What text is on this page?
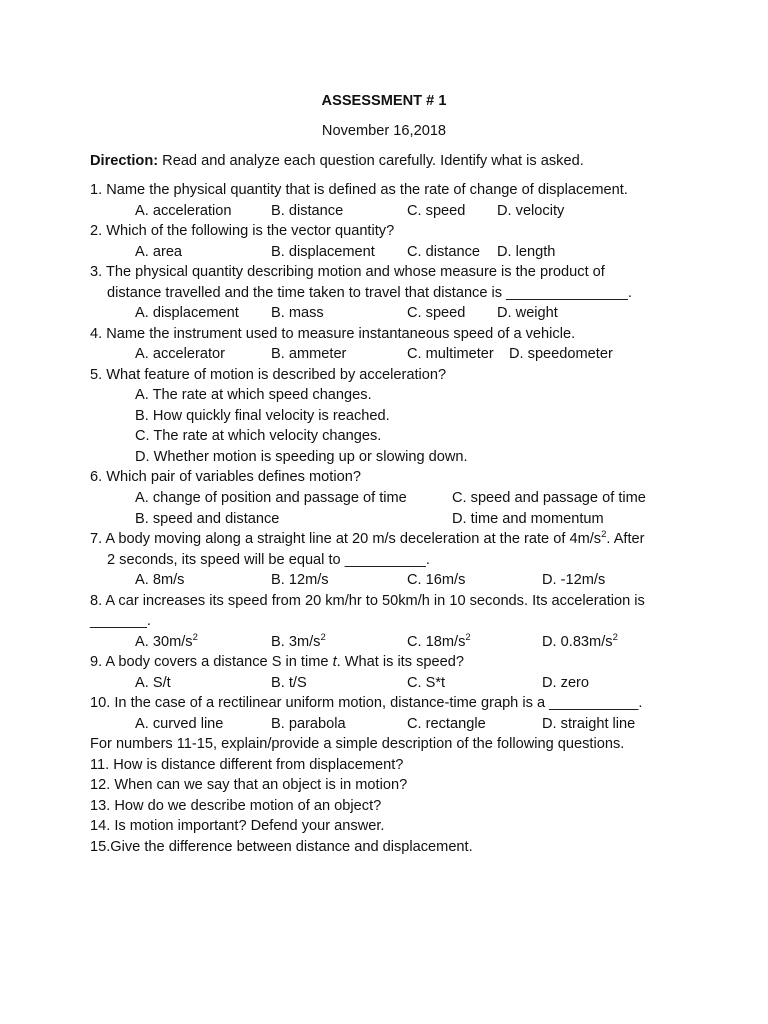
ASSESSMENT # 1
November 16,2018
Direction: Read and analyze each question carefully. Identify what is asked.
1. Name the physical quantity that is defined as the rate of change of displacement.
A. acceleration	B. distance	C. speed D. velocity
2. Which of the following is the vector quantity?
A. area	B. displacement C. distance D. length
3. The physical quantity describing motion and whose measure is the product of
distance travelled and the time taken to travel that distance is _______________.
A. displacement B. mass	C. speed D. weight
4. Name the instrument used to measure instantaneous speed of a vehicle.
A. accelerator	B. ammeter	C. multimeter D. speedometer
5. What feature of motion is described by acceleration?
A. The rate at which speed changes.
B. How quickly final velocity is reached.
C. The rate at which velocity changes.
D. Whether motion is speeding up or slowing down.
6. Which pair of variables defines motion?
A. change of position and passage of time	C. speed and passage of time
B. speed and distance	D. time and momentum
7. A body moving along a straight line at 20 m/s deceleration at the rate of $4m/s^2$. After
2 seconds, its speed will be equal to __________.
A. 8m/s	B. 12m/s	C. 16m/s	D. -12m/s
8. A car increases its speed from 20 km/hr to 50km/h in 10 seconds. Its acceleration is
_______.
A. $30m/s^2$	B. $3m/s^2$	C. $18m/s^2$	D. $0.83m/s^2$
9. A body covers a distance S in time t. What is its speed?
A. S/t	B. t/S	C. S*t	D. zero
10. In the case of a rectilinear uniform motion, distance-time graph is a ___________.
A. curved line	B. parabola	C. rectangle	D. straight line
For numbers 11-15, explain/provide a simple description of the following questions.
11. How is distance different from displacement?
12. When can we say that an object is in motion?
13. How do we describe motion of an object?
14. Is motion important? Defend your answer.
15.Give the difference between distance and displacement.
